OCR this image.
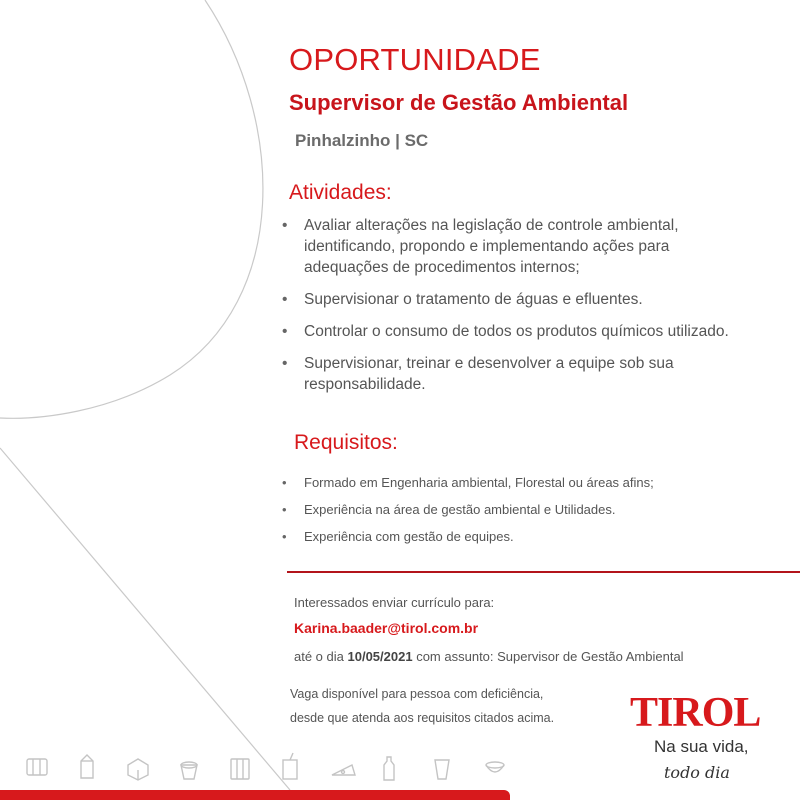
OPORTUNIDADE
Supervisor de Gestão Ambiental
Pinhalzinho | SC
Atividades:
• Avaliar alterações na legislação de controle ambiental, identificando, propondo e implementando ações para adequações de procedimentos internos;
• Supervisionar o tratamento de águas e efluentes.
• Controlar o consumo de todos os produtos químicos utilizado.
• Supervisionar, treinar e desenvolver a equipe sob sua responsabilidade.
Requisitos:
• Formado em Engenharia ambiental, Florestal ou áreas afins;
• Experiência na área de gestão ambiental e Utilidades.
• Experiência com gestão de equipes.
Interessados enviar currículo para:
Karina.baader@tirol.com.br
até o dia 10/05/2021 com assunto: Supervisor de Gestão Ambiental
Vaga disponível para pessoa com deficiência,
desde que atenda aos requisitos citados acima.	TIROL
Na sua vida,
todo dia
